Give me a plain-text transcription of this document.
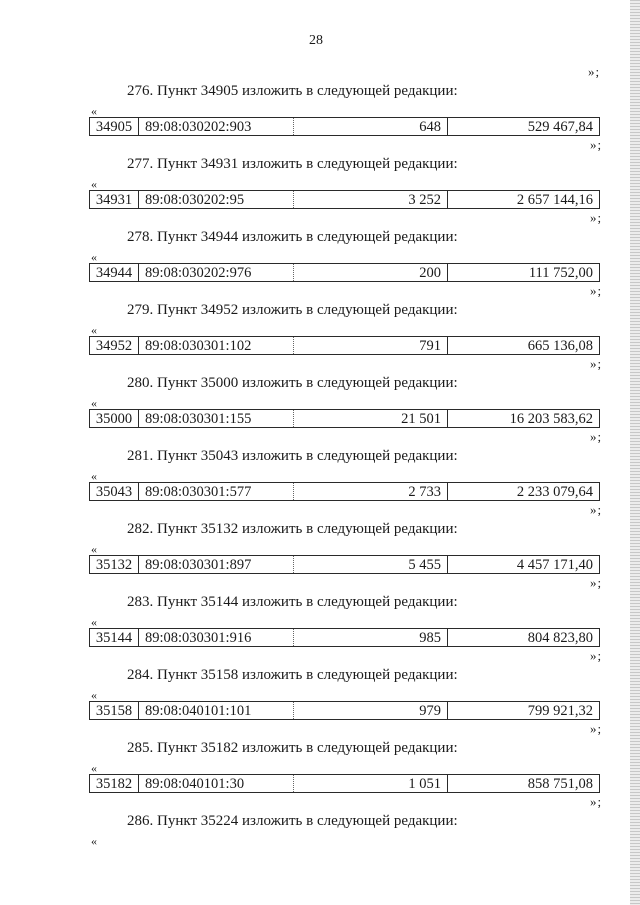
28
»;
276. Пункт 34905 изложить в следующей редакции:
«
34905 89:08:030202:903	648	529 467,84
»;
277. Пункт 34931 изложить в следующей редакции:
«
34931 89:08:030202:95	3 252	2 657 144,16
»;
278. Пункт 34944 изложить в следующей редакции:
«
34944 89:08:030202:976	200	111 752,00
»;
279. Пункт 34952 изложить в следующей редакции:
«
34952 89:08:030301:102	791	665 136,08
»;
280. Пункт 35000 изложить в следующей редакции:
«
35000 89:08:030301:155	21 501	16 203 583,62
»;
281. Пункт 35043 изложить в следующей редакции:
«
35043 89:08:030301:577	2 733	2 233 079,64
»;
282. Пункт 35132 изложить в следующей редакции:
«
35132 89:08:030301:897	5 455	4 457 171,40
»;
283. Пункт 35144 изложить в следующей редакции:
«
35144 89:08:030301:916	985	804 823,80
»;
284. Пункт 35158 изложить в следующей редакции:
«
35158 89:08:040101:101	979	799 921,32
»;
285. Пункт 35182 изложить в следующей редакции:
«
35182 89:08:040101:30	1 051	858 751,08
»;
286. Пункт 35224 изложить в следующей редакции:
«
